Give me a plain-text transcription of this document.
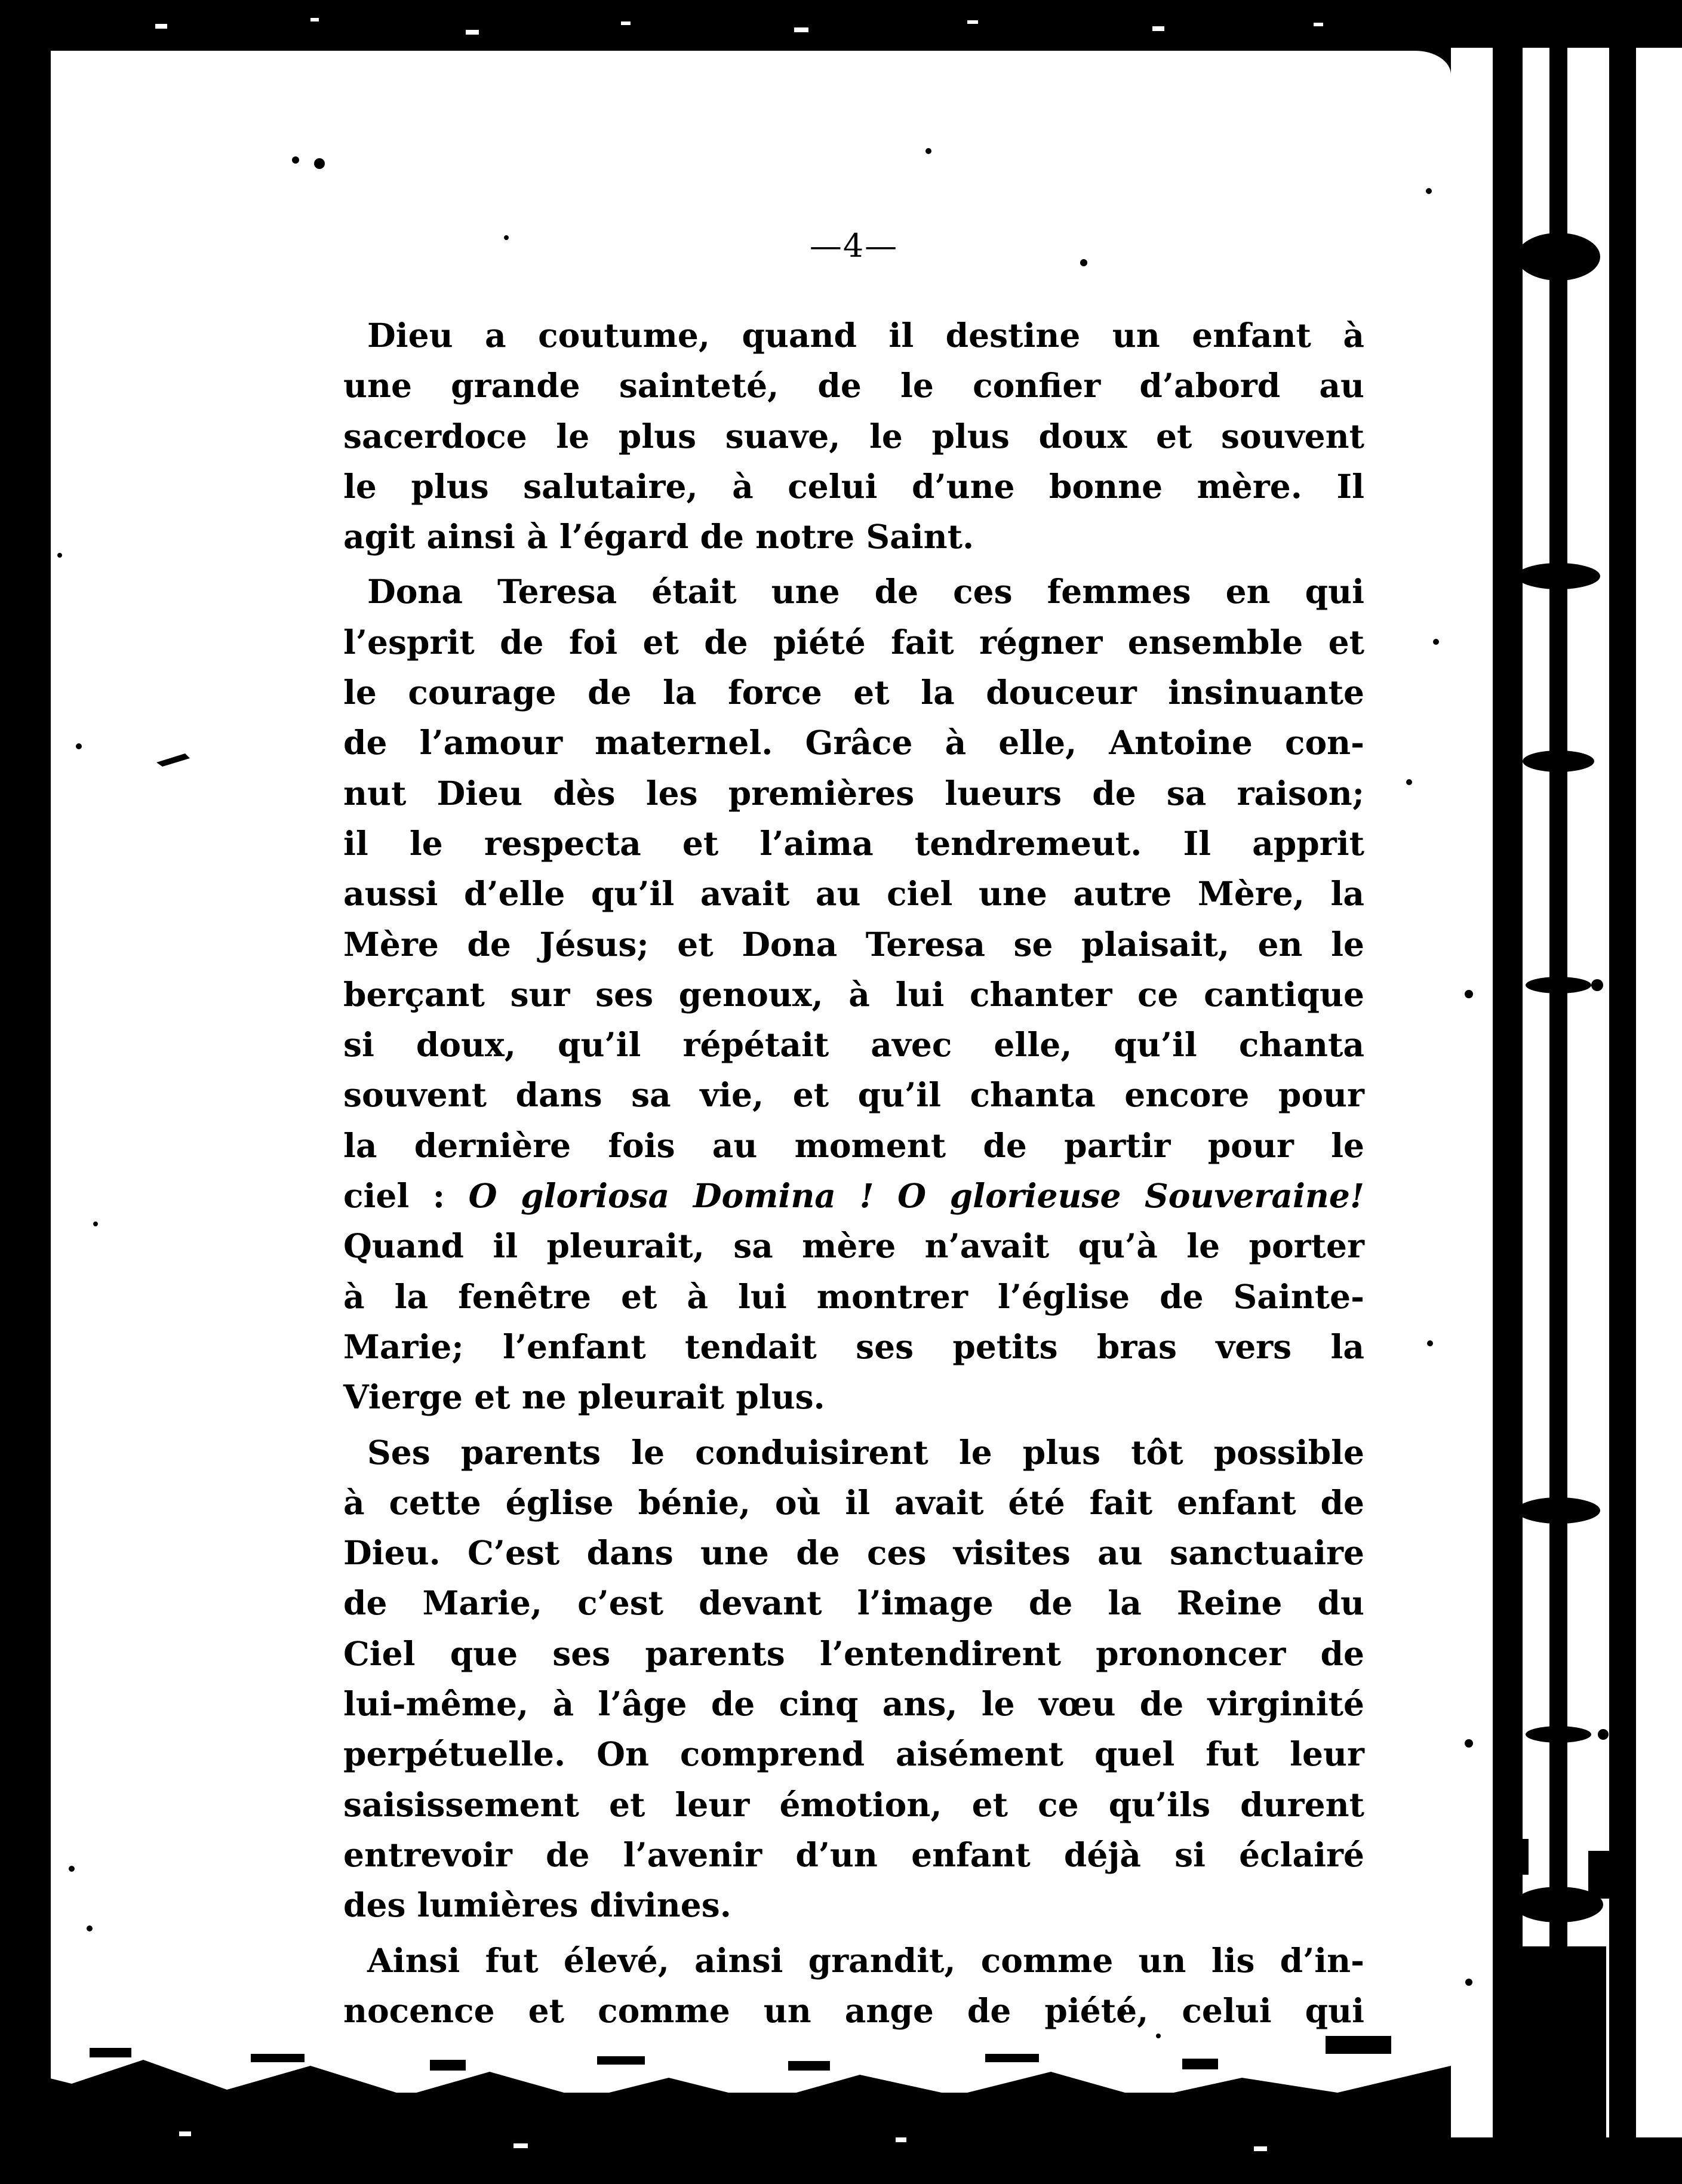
—4—
Dieu a coutume, quand il destine un enfant à
une grande sainteté, de le confier d’abord au
sacerdoce le plus suave, le plus doux et souvent
le plus salutaire, à celui d’une bonne mère. Il
agit ainsi à l’égard de notre Saint.
Dona Teresa était une de ces femmes en qui
l’esprit de foi et de piété fait régner ensemble et
le courage de la force et la douceur insinuante
de l’amour maternel. Grâce à elle, Antoine con-
nut Dieu dès les premières lueurs de sa raison;
il le respecta et l’aima tendremeut. Il apprit
aussi d’elle qu’il avait au ciel une autre Mère, la
Mère de Jésus; et Dona Teresa se plaisait, en le
berçant sur ses genoux, à lui chanter ce cantique
si doux, qu’il répétait avec elle, qu’il chanta
souvent dans sa vie, et qu’il chanta encore pour
la dernière fois au moment de partir pour le
ciel : O gloriosa Domina ! O glorieuse Souveraine!
Quand il pleurait, sa mère n’avait qu’à le porter
à la fenêtre et à lui montrer l’église de Sainte-
Marie; l’enfant tendait ses petits bras vers la
Vierge et ne pleurait plus.
Ses parents le conduisirent le plus tôt possible
à cette église bénie, où il avait été fait enfant de
Dieu. C’est dans une de ces visites au sanctuaire
de Marie, c’est devant l’image de la Reine du
Ciel que ses parents l’entendirent prononcer de
lui-même, à l’âge de cinq ans, le vœu de virginité
perpétuelle. On comprend aisément quel fut leur
saisissement et leur émotion, et ce qu’ils durent
entrevoir de l’avenir d’un enfant déjà si éclairé
des lumières divines.
Ainsi fut élevé, ainsi grandit, comme un lis d’in-
nocence et comme un ange de piété, celui qui
